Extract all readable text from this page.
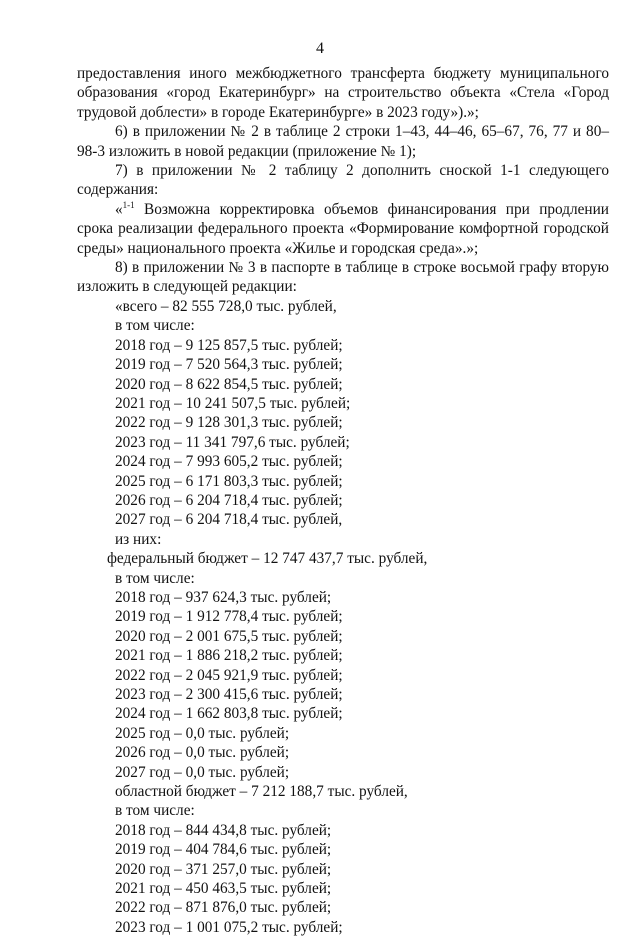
4

предоставления иного межбюджетного трансферта бюджету муниципального образования «город Екатеринбург» на строительство объекта «Стела «Город трудовой доблести» в городе Екатеринбурге» в 2023 году»).»;

6) в приложении № 2 в таблице 2 строки 1–43, 44–46, 65–67, 76, 77 и 80–98-3 изложить в новой редакции (приложение № 1);

7) в приложении № 2 таблицу 2 дополнить сноской 1-1 следующего содержания:

«$^{1-1}$ Возможна корректировка объемов финансирования при продлении срока реализации федерального проекта «Формирование комфортной городской среды» национального проекта «Жилье и городская среда».»;

8) в приложении № 3 в паспорте в таблице в строке восьмой графу вторую изложить в следующей редакции:

«всего – 82 555 728,0 тыс. рублей,
в том числе:
2018 год – 9 125 857,5 тыс. рублей;
2019 год – 7 520 564,3 тыс. рублей;
2020 год – 8 622 854,5 тыс. рублей;
2021 год – 10 241 507,5 тыс. рублей;
2022 год – 9 128 301,3 тыс. рублей;
2023 год – 11 341 797,6 тыс. рублей;
2024 год – 7 993 605,2 тыс. рублей;
2025 год – 6 171 803,3 тыс. рублей;
2026 год – 6 204 718,4 тыс. рублей;
2027 год – 6 204 718,4 тыс. рублей,
из них:
федеральный бюджет – 12 747 437,7 тыс. рублей,
в том числе:
2018 год – 937 624,3 тыс. рублей;
2019 год – 1 912 778,4 тыс. рублей;
2020 год – 2 001 675,5 тыс. рублей;
2021 год – 1 886 218,2 тыс. рублей;
2022 год – 2 045 921,9 тыс. рублей;
2023 год – 2 300 415,6 тыс. рублей;
2024 год – 1 662 803,8 тыс. рублей;
2025 год – 0,0 тыс. рублей;
2026 год – 0,0 тыс. рублей;
2027 год – 0,0 тыс. рублей;
областной бюджет – 7 212 188,7 тыс. рублей,
в том числе:
2018 год – 844 434,8 тыс. рублей;
2019 год – 404 784,6 тыс. рублей;
2020 год – 371 257,0 тыс. рублей;
2021 год – 450 463,5 тыс. рублей;
2022 год – 871 876,0 тыс. рублей;
2023 год – 1 001 075,2 тыс. рублей;
